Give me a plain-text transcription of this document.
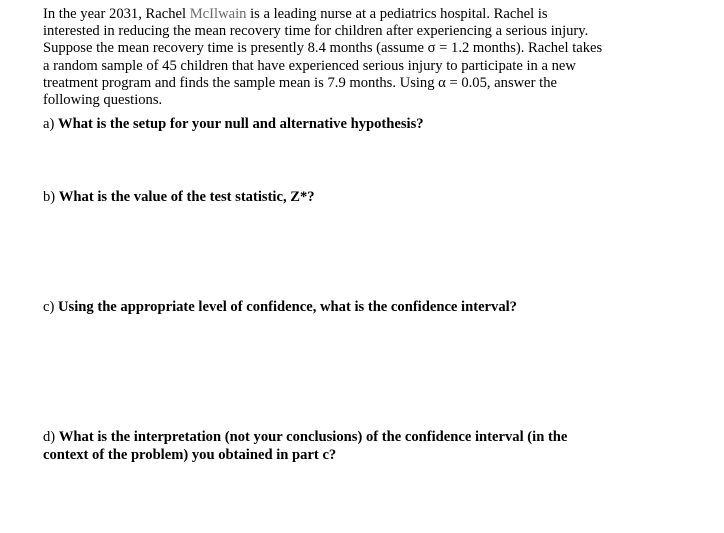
In the year 2031, Rachel McIlwain is a leading nurse at a pediatrics hospital. Rachel is
interested in reducing the mean recovery time for children after experiencing a serious injury.
Suppose the mean recovery time is presently 8.4 months (assume σ = 1.2 months). Rachel takes
a random sample of 45 children that have experienced serious injury to participate in a new
treatment program and finds the sample mean is 7.9 months. Using α = 0.05, answer the
following questions.

a) What is the setup for your null and alternative hypothesis?

b) What is the value of the test statistic, Z*?

c) Using the appropriate level of confidence, what is the confidence interval?

d) What is the interpretation (not your conclusions) of the confidence interval (in the
context of the problem) you obtained in part c?
